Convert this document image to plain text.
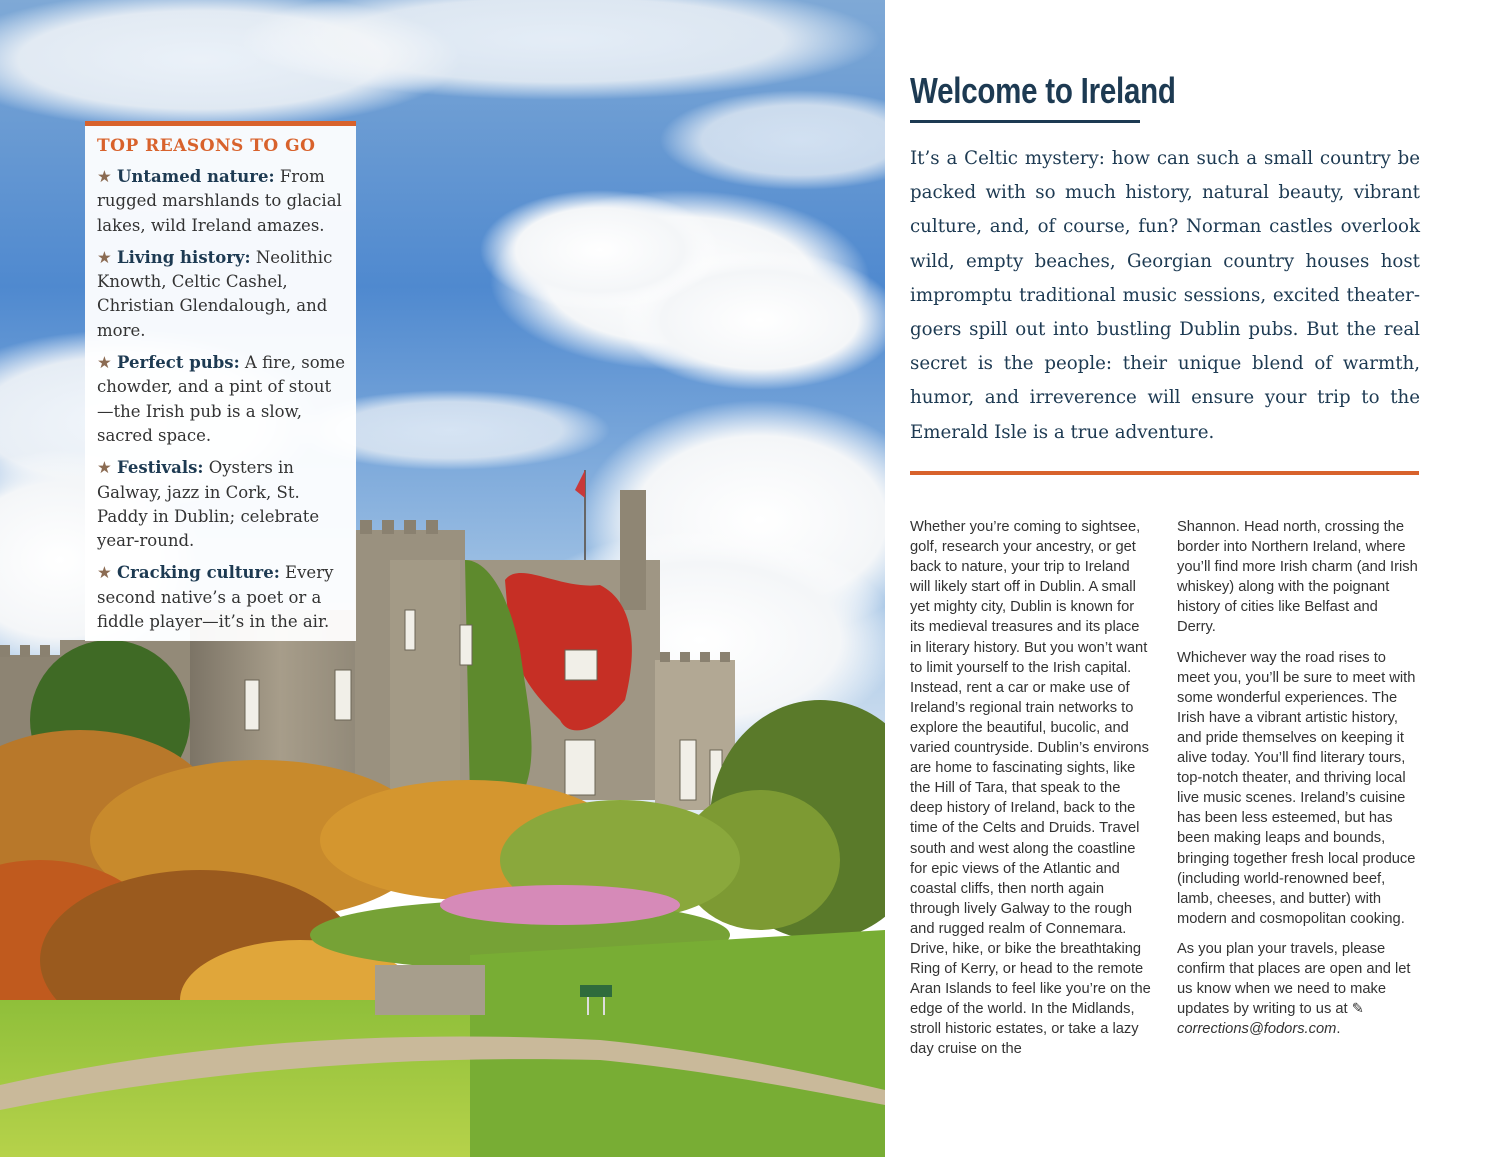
TOP REASONS TO GO
★ Untamed nature: From rugged marshlands to glacial lakes, wild Ireland amazes.
★ Living history: Neolithic Knowth, Celtic Cashel, Christian Glendalough, and more.
★ Perfect pubs: A fire, some chowder, and a pint of stout—the Irish pub is a slow, sacred space.
★ Festivals: Oysters in Galway, jazz in Cork, St. Paddy in Dublin; celebrate year-round.
★ Cracking culture: Every second native’s a poet or a fiddle player—it’s in the air.
Welcome to Ireland

It’s a Celtic mystery: how can such a small country be packed with so much history, natural beauty, vibrant culture, and, of course, fun? Norman castles overlook wild, empty beaches, Georgian country houses host impromptu traditional music sessions, excited theater-goers spill out into bustling Dublin pubs. But the real secret is the people: their unique blend of warmth, humor, and irreverence will ensure your trip to the Emerald Isle is a true adventure.

Whether you’re coming to sightsee, golf, research your ancestry, or get back to nature, your trip to Ireland will likely start off in Dublin. A small yet mighty city, Dublin is known for its medieval treasures and its place in literary history. But you won’t want to limit yourself to the Irish capital. Instead, rent a car or make use of Ireland’s regional train networks to explore the beautiful, bucolic, and varied countryside. Dublin’s environs are home to fascinating sights, like the Hill of Tara, that speak to the deep history of Ireland, back to the time of the Celts and Druids. Travel south and west along the coastline for epic views of the Atlantic and coastal cliffs, then north again through lively Galway to the rough and rugged realm of Connemara. Drive, hike, or bike the breathtaking Ring of Kerry, or head to the remote Aran Islands to feel like you’re on the edge of the world. In the Midlands, stroll historic estates, or take a lazy day cruise on the

Shannon. Head north, crossing the border into Northern Ireland, where you’ll find more Irish charm (and Irish whiskey) along with the poignant history of cities like Belfast and Derry.

Whichever way the road rises to meet you, you’ll be sure to meet with some wonderful experiences. The Irish have a vibrant artistic history, and pride themselves on keeping it alive today. You’ll find literary tours, top-notch theater, and thriving local live music scenes. Ireland’s cuisine has been less esteemed, but has been making leaps and bounds, bringing together fresh local produce (including world-renowned beef, lamb, cheeses, and butter) with modern and cosmopolitan cooking.

As you plan your travels, please confirm that places are open and let us know when we need to make updates by writing to us at ✎ corrections@fodors.com.
